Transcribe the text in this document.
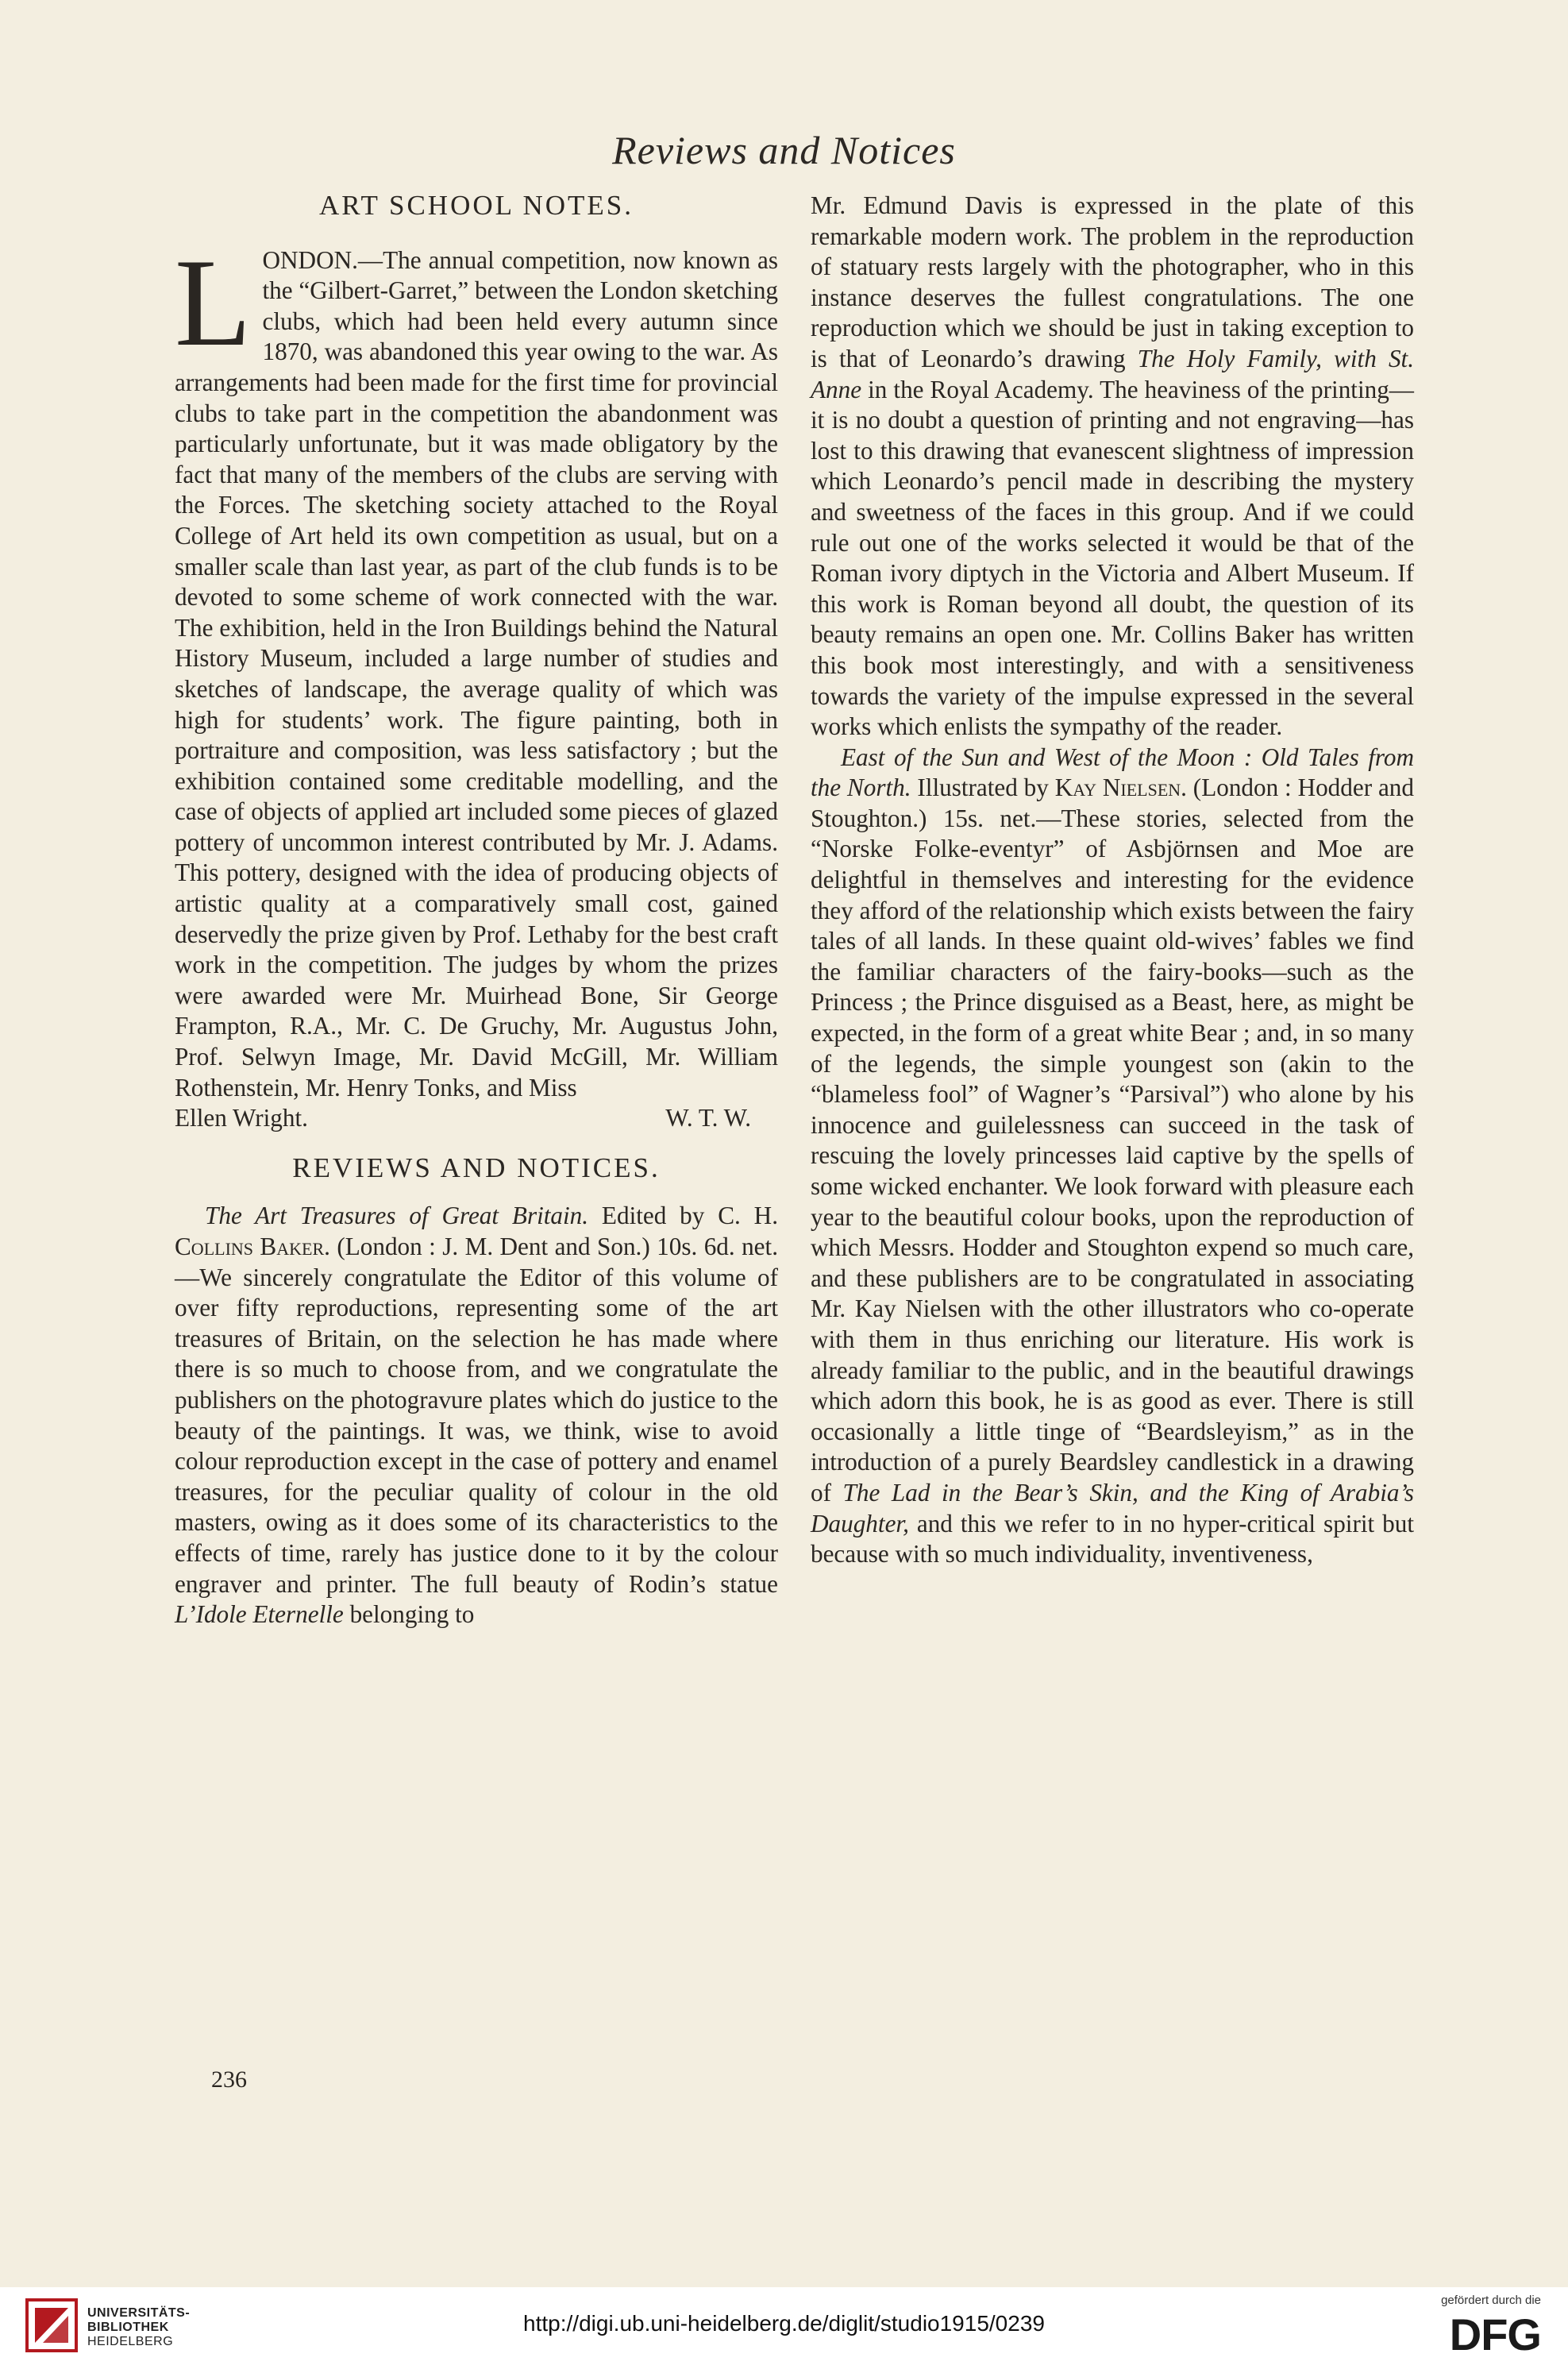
Reviews and Notices
ART SCHOOL NOTES.

LONDON.—The annual competition, now known as the “Gilbert-Garret,” between the London sketching clubs, which had been held every autumn since 1870, was abandoned this year owing to the war. As arrangements had been made for the first time for provincial clubs to take part in the competition the abandonment was particularly unfortunate, but it was made obligatory by the fact that many of the members of the clubs are serving with the Forces. The sketching society attached to the Royal College of Art held its own competition as usual, but on a smaller scale than last year, as part of the club funds is to be devoted to some scheme of work connected with the war. The exhibition, held in the Iron Buildings behind the Natural History Museum, included a large number of studies and sketches of landscape, the average quality of which was high for students’ work. The figure painting, both in portraiture and composition, was less satisfactory ; but the exhibition contained some creditable modelling, and the case of objects of applied art included some pieces of glazed pottery of uncommon interest contributed by Mr. J. Adams. This pottery, designed with the idea of producing objects of artistic quality at a comparatively small cost, gained deservedly the prize given by Prof. Lethaby for the best craft work in the competition. The judges by whom the prizes were awarded were Mr. Muirhead Bone, Sir George Frampton, R.A., Mr. C. De Gruchy, Mr. Augustus John, Prof. Selwyn Image, Mr. David McGill, Mr. William Rothenstein, Mr. Henry Tonks, and Miss

Ellen Wright.	W. T. W.
REVIEWS AND NOTICES.

The Art Treasures of Great Britain. Edited by C. H. Collins Baker. (London : J. M. Dent and Son.) 10s. 6d. net.—We sincerely congratulate the Editor of this volume of over fifty reproductions, representing some of the art treasures of Britain, on the selection he has made where there is so much to choose from, and we congratulate the publishers on the photogravure plates which do justice to the beauty of the paintings. It was, we think, wise to avoid colour reproduction except in the case of pottery and enamel treasures, for the peculiar quality of colour in the old masters, owing as it does some of its characteristics to the effects of time, rarely has justice done to it by the colour engraver and printer. The full beauty of Rodin’s statue L’Idole Eternelle belonging to

Mr. Edmund Davis is expressed in the plate of this remarkable modern work. The problem in the reproduction of statuary rests largely with the photographer, who in this instance deserves the fullest congratulations. The one reproduction which we should be just in taking exception to is that of Leonardo’s drawing The Holy Family, with St. Anne in the Royal Academy. The heaviness of the printing—it is no doubt a question of printing and not engraving—has lost to this drawing that evanescent slightness of impression which Leonardo’s pencil made in describing the mystery and sweetness of the faces in this group. And if we could rule out one of the works selected it would be that of the Roman ivory diptych in the Victoria and Albert Museum. If this work is Roman beyond all doubt, the question of its beauty remains an open one. Mr. Collins Baker has written this book most interestingly, and with a sensitiveness towards the variety of the impulse expressed in the several works which enlists the sympathy of the reader.

East of the Sun and West of the Moon : Old Tales from the North. Illustrated by Kay Nielsen. (London : Hodder and Stoughton.) 15s. net.—These stories, selected from the “Norske Folke-eventyr” of Asbjörnsen and Moe are delightful in themselves and interesting for the evidence they afford of the relationship which exists between the fairy tales of all lands. In these quaint old-wives’ fables we find the familiar characters of the fairy-books—such as the Princess ; the Prince disguised as a Beast, here, as might be expected, in the form of a great white Bear ; and, in so many of the legends, the simple youngest son (akin to the “blameless fool” of Wagner’s “Parsival”) who alone by his innocence and guilelessness can succeed in the task of rescuing the lovely princesses laid captive by the spells of some wicked enchanter. We look forward with pleasure each year to the beautiful colour books, upon the reproduction of which Messrs. Hodder and Stoughton expend so much care, and these publishers are to be congratulated in associating Mr. Kay Nielsen with the other illustrators who co-operate with them in thus enriching our literature. His work is already familiar to the public, and in the beautiful drawings which adorn this book, he is as good as ever. There is still occasionally a little tinge of “Beardsleyism,” as in the introduction of a purely Beardsley candlestick in a drawing of The Lad in the Bear’s Skin, and the King of Arabia’s Daughter, and this we refer to in no hyper-critical spirit but because with so much individuality, inventiveness,

236
UNIVERSITÄTS-
BIBLIOTHEK
HEIDELBERG
http://digi.ub.uni-heidelberg.de/diglit/studio1915/0239
gefördert durch die
DFG
